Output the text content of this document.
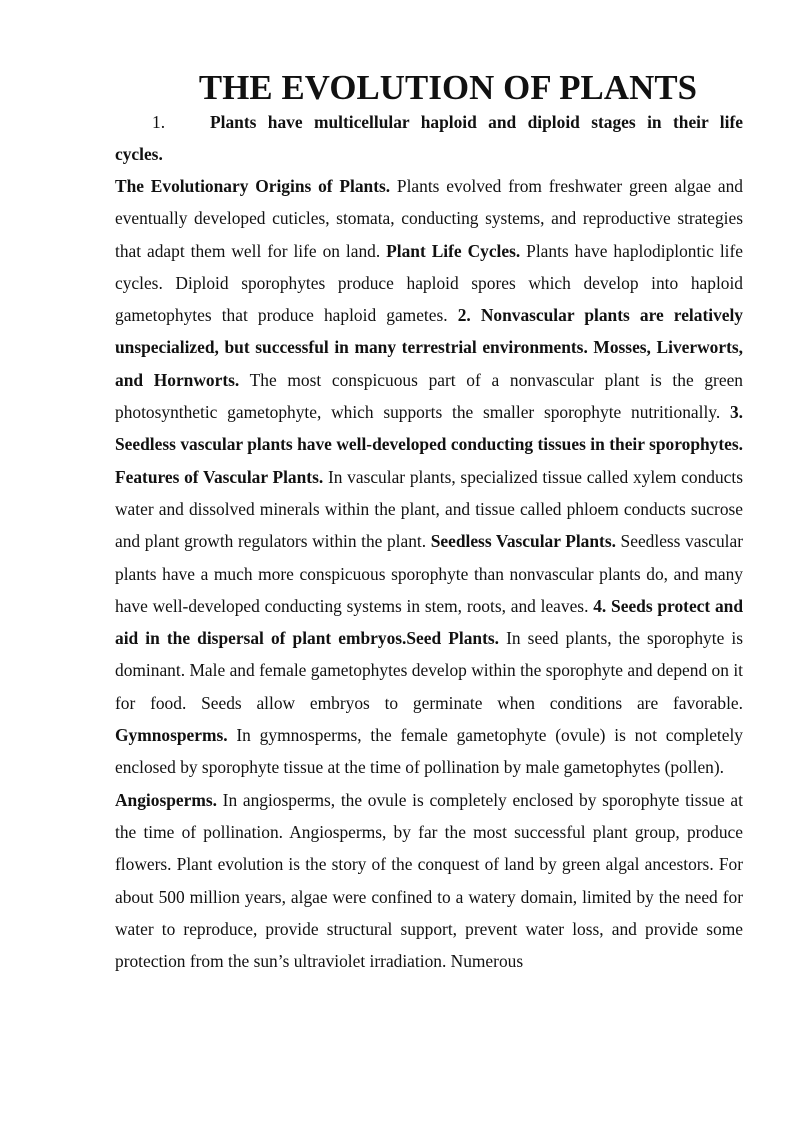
THE EVOLUTION OF PLANTS
1.	Plants have multicellular haploid and diploid stages in their life
cycles.

The Evolutionary Origins of Plants. Plants evolved from freshwater green algae and eventually developed cuticles, stomata, conducting systems, and reproductive strategies that adapt them well for life on land. Plant Life Cycles. Plants have haplodiplontic life cycles. Diploid sporophytes produce haploid spores which develop into haploid gametophytes that produce haploid gametes. 2. Nonvascular plants are relatively unspecialized, but successful in many terrestrial environments. Mosses, Liverworts, and Hornworts. The most conspicuous part of a nonvascular plant is the green photosynthetic gametophyte, which supports the smaller sporophyte nutritionally. 3. Seedless vascular plants have well-developed conducting tissues in their sporophytes. Features of Vascular Plants. In vascular plants, specialized tissue called xylem conducts water and dissolved minerals within the plant, and tissue called phloem conducts sucrose and plant growth regulators within the plant. Seedless Vascular Plants. Seedless vascular plants have a much more conspicuous sporophyte than nonvascular plants do, and many have well-developed conducting systems in stem, roots, and leaves. 4. Seeds protect and aid in the dispersal of plant embryos.Seed Plants. In seed plants, the sporophyte is dominant. Male and female gametophytes develop within the sporophyte and depend on it for food. Seeds allow embryos to germinate when conditions are favorable. Gymnosperms. In gymnosperms, the female gametophyte (ovule) is not completely enclosed by sporophyte tissue at the time of pollination by male gametophytes (pollen).

Angiosperms. In angiosperms, the ovule is completely enclosed by sporophyte tissue at the time of pollination. Angiosperms, by far the most successful plant group, produce flowers. Plant evolution is the story of the conquest of land by green algal ancestors. For about 500 million years, algae were confined to a watery domain, limited by the need for water to reproduce, provide structural support, prevent water loss, and provide some protection from the sun’s ultraviolet irradiation. Numerous
